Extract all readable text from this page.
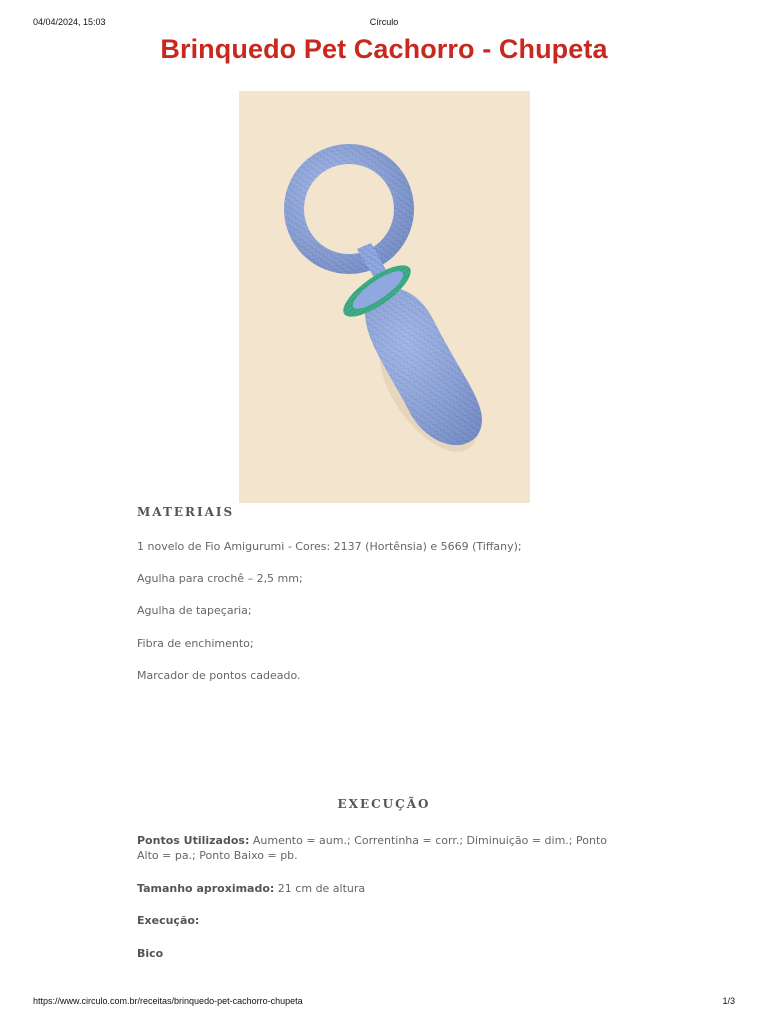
04/04/2024, 15:03	Círculo
Brinquedo Pet Cachorro - Chupeta
MATERIAIS

1 novelo de Fio Amigurumi - Cores: 2137 (Hortênsia) e 5669 (Tiffany);

Agulha para crochê – 2,5 mm;

Agulha de tapeçaria;

Fibra de enchimento;

Marcador de pontos cadeado.

EXECUÇÃO

Pontos Utilizados: Aumento = aum.; Correntinha = corr.; Diminuição = dim.; Ponto Alto = pa.; Ponto Baixo = pb.

Tamanho aproximado: 21 cm de altura

Execução:

Bico

https://www.circulo.com.br/receitas/brinquedo-pet-cachorro-chupeta	1/3
